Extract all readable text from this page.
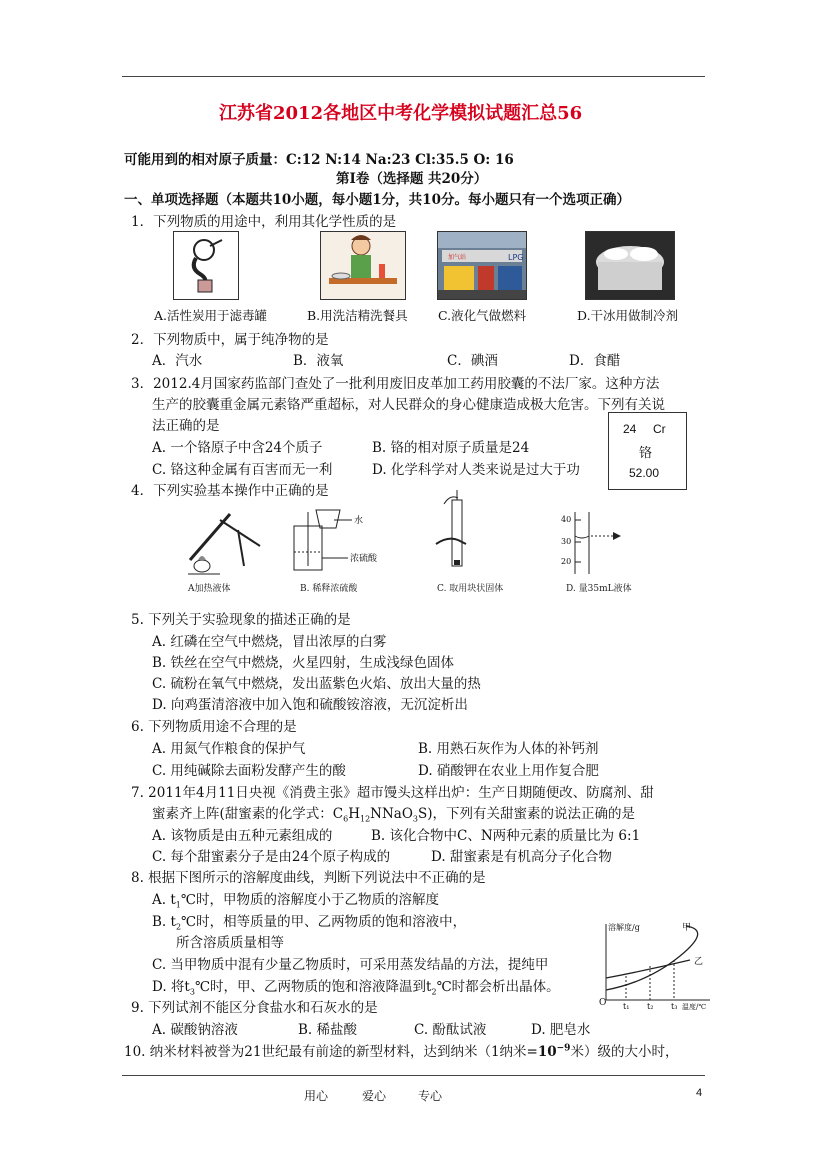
江苏省2012各地区中考化学模拟试题汇总56
可能用到的相对原子质量：C:12 N:14 Na:23 Cl:35.5 O: 16
第Ⅰ卷（选择题 共20分）
一、单项选择题（本题共10小题，每小题1分，共10分。每小题只有一个选项正确）
1．下列物质的用途中，利用其化学性质的是
LPG
加气站
A.活性炭用于滤毒罐	B.用洗洁精洗餐具 C.液化气做燃料	D.干冰用做制冷剂
2．下列物质中，属于纯净物的是
A．汽水	B．液氧	C．碘酒	D．食醋
3．2012.4月国家药监部门查处了一批利用废旧皮革加工药用胶囊的不法厂家。这种方法
生产的胶囊重金属元素铬严重超标，对人民群众的身心健康造成极大危害。下列有关说
法正确的是
A. 一个铬原子中含24个质子	B. 铬的相对原子质量是24
C. 铬这种金属有百害而无一利	D. 化学科学对人类来说是过大于功
24 Cr
铬
52.00
4．下列实验基本操作中正确的是
A加热液体
水
浓硫酸
B. 稀释浓硫酸	C. 取用块状固体
40
30
20
D. 量35mL液体
5. 下列关于实验现象的描述正确的是
A. 红磷在空气中燃烧，冒出浓厚的白雾
B. 铁丝在空气中燃烧，火星四射，生成浅绿色固体
C. 硫粉在氧气中燃烧，发出蓝紫色火焰、放出大量的热
D. 向鸡蛋清溶液中加入饱和硫酸铵溶液，无沉淀析出
6. 下列物质用途不合理的是
A. 用氮气作粮食的保护气	B. 用熟石灰作为人体的补钙剂
C. 用纯碱除去面粉发酵产生的酸	D. 硝酸钾在农业上用作复合肥
7. 2011年4月11日央视《消费主张》超市馒头这样出炉：生产日期随便改、防腐剂、甜
蜜素齐上阵(甜蜜素的化学式：$C_6H_{12}NNaO_3S$)，下列有关甜蜜素的说法正确的是
A. 该物质是由五种元素组成的	B. 该化合物中C、N两种元素的质量比为 6:1
C. 每个甜蜜素分子是由24个原子构成的	D. 甜蜜素是有机高分子化合物
8. 根据下图所示的溶解度曲线，判断下列说法中不正确的是
A. $t_1℃$时，甲物质的溶解度小于乙物质的溶解度
B. $t_2℃$时，相等质量的甲、乙两物质的饱和溶液中，
所含溶质质量相等
C. 当甲物质中混有少量乙物质时，可采用蒸发结晶的方法，提纯甲
D. 将$t_3℃$时，甲、乙两物质的饱和溶液降温到$t_2℃$时都会析出晶体。
溶解度/g	甲
乙
O t₁ t₂ t₃ 温度/℃
9. 下列试剂不能区分食盐水和石灰水的是
A. 碳酸钠溶液	B. 稀盐酸	C. 酚酞试液	D. 肥皂水
10. 纳米材料被誉为21世纪最有前途的新型材料，达到纳米（1纳米$=10^{-9}$米）级的大小时，
用心	爱心	专心	4
